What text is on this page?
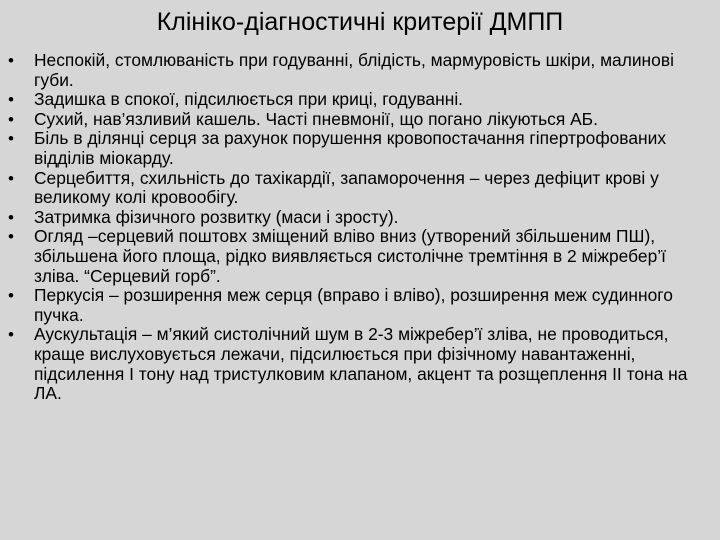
Клініко-діагностичні критерії ДМПП
•	Неспокій, стомлюваність при годуванні, блідість, мармуровість шкіри, малинові губи.
•	Задишка в спокої, підсилюється при криці, годуванні.
•	Сухий, нав’язливий кашель. Часті пневмонії, що погано лікуються АБ.
•	Біль в ділянці серця за рахунок порушення кровопостачання гіпертрофованих відділів міокарду.
•	Серцебиття, схильність до тахікардії, запаморочення – через дефіцит крові у великому колі кровообігу.
•	Затримка фізичного розвитку (маси і зросту).
•	Огляд –серцевий поштовх зміщений вліво вниз (утворений збільшеним ПШ), збільшена його площа, рідко виявляється систолічне тремтіння в 2 міжребер’ї зліва. “Серцевий горб”.
•	Перкусія – розширення меж серця (вправо і вліво), розширення меж судинного пучка.
•	Аускультація – м’який систолічний шум в 2-3 міжребер’ї зліва, не проводиться, краще вислуховується лежачи, підсилюється при фізічному навантаженні, підсилення І тону над тристулковим клапаном, акцент та розщеплення ІІ тона на ЛА.
